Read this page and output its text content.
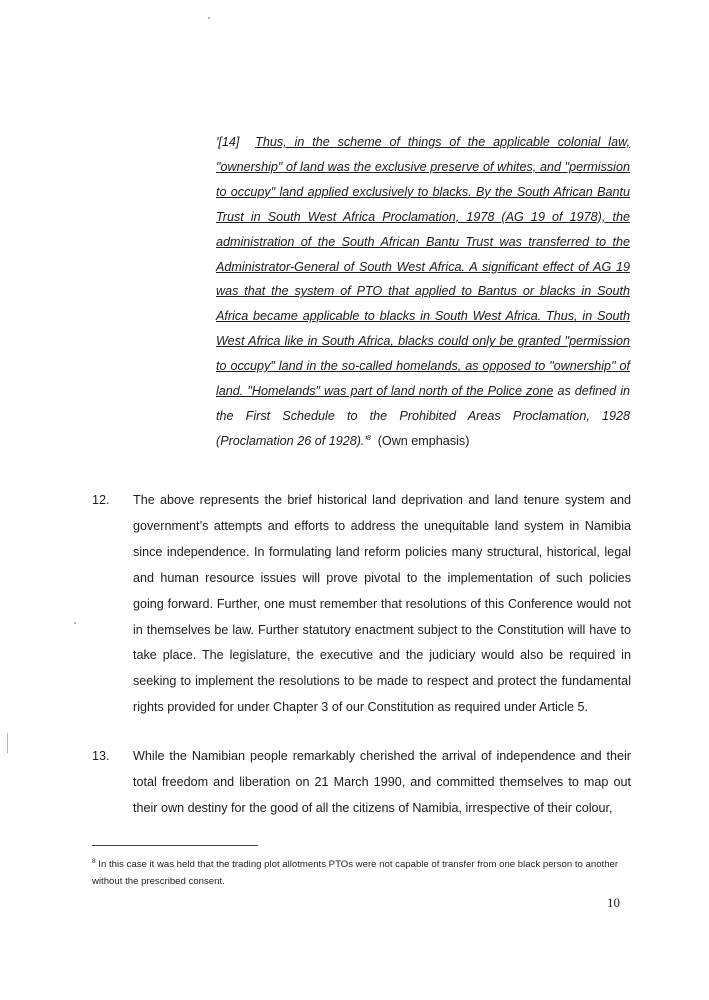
'[14] Thus, in the scheme of things of the applicable colonial law, "ownership" of land was the exclusive preserve of whites, and "permission to occupy" land applied exclusively to blacks. By the South African Bantu Trust in South West Africa Proclamation, 1978 (AG 19 of 1978), the administration of the South African Bantu Trust was transferred to the Administrator-General of South West Africa. A significant effect of AG 19 was that the system of PTO that applied to Bantus or blacks in South Africa became applicable to blacks in South West Africa. Thus, in South West Africa like in South Africa, blacks could only be granted "permission to occupy" land in the so-called homelands, as opposed to "ownership" of land. "Homelands" was part of land north of the Police zone as defined in the First Schedule to the Prohibited Areas Proclamation, 1928 (Proclamation 26 of $1928).'^8$ (Own emphasis)
12.	The above represents the brief historical land deprivation and land tenure system and government’s attempts and efforts to address the unequitable land system in Namibia since independence. In formulating land reform policies many structural, historical, legal and human resource issues will prove pivotal to the implementation of such policies going forward. Further, one must remember that resolutions of this Conference would not in themselves be law. Further statutory enactment subject to the Constitution will have to take place. The legislature, the executive and the judiciary would also be required in seeking to implement the resolutions to be made to respect and protect the fundamental rights provided for under Chapter 3 of our Constitution as required under Article 5.
13.	While the Namibian people remarkably cherished the arrival of independence and their total freedom and liberation on 21 March 1990, and committed themselves to map out their own destiny for the good of all the citizens of Namibia, irrespective of their colour,
$^8$ In this case it was held that the trading plot allotments PTOs were not capable of transfer from one black person to another without the prescribed consent.
10
